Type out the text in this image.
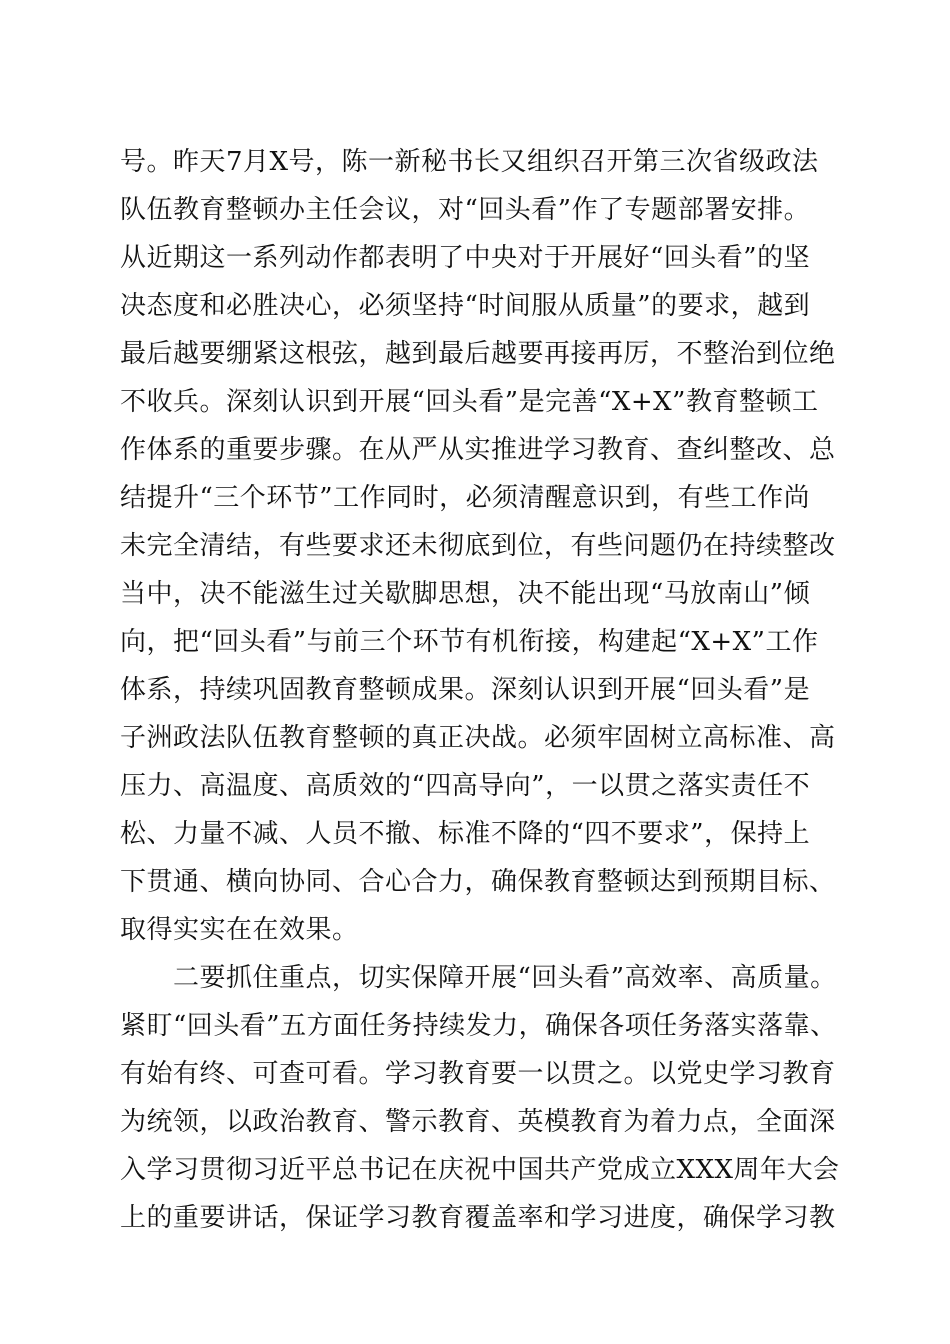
号。昨天7月X号，陈一新秘书长又组织召开第三次省级政法
队伍教育整顿办主任会议，对“回头看”作了专题部署安排。
从近期这一系列动作都表明了中央对于开展好“回头看”的坚
决态度和必胜决心，必须坚持“时间服从质量”的要求，越到
最后越要绷紧这根弦，越到最后越要再接再厉，不整治到位绝
不收兵。深刻认识到开展“回头看”是完善“X+X”教育整顿工
作体系的重要步骤。在从严从实推进学习教育、查纠整改、总
结提升“三个环节”工作同时，必须清醒意识到，有些工作尚
未完全清结，有些要求还未彻底到位，有些问题仍在持续整改
当中，决不能滋生过关歇脚思想，决不能出现“马放南山”倾
向，把“回头看”与前三个环节有机衔接，构建起“X+X”工作
体系，持续巩固教育整顿成果。深刻认识到开展“回头看”是
子洲政法队伍教育整顿的真正决战。必须牢固树立高标准、高
压力、高温度、高质效的“四高导向”，一以贯之落实责任不
松、力量不减、人员不撤、标准不降的“四不要求”，保持上
下贯通、横向协同、合心合力，确保教育整顿达到预期目标、
取得实实在在效果。
　　二要抓住重点，切实保障开展“回头看”高效率、高质量。
紧盯“回头看”五方面任务持续发力，确保各项任务落实落靠、
有始有终、可查可看。学习教育要一以贯之。以党史学习教育
为统领，以政治教育、警示教育、英模教育为着力点，全面深
入学习贯彻习近平总书记在庆祝中国共产党成立XXX周年大会
上的重要讲话，保证学习教育覆盖率和学习进度，确保学习教
